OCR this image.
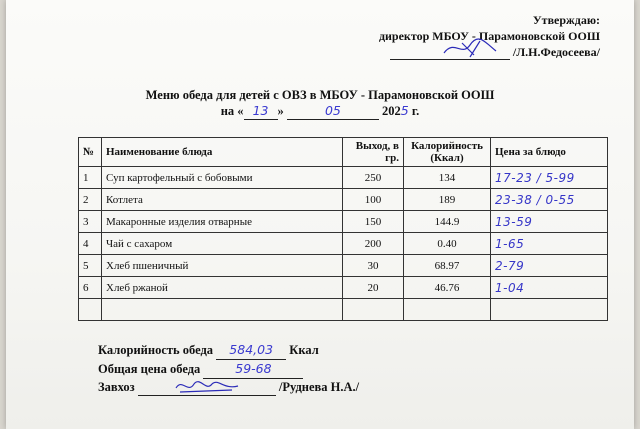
Утверждаю:
директор МБОУ - Парамоновской ООШ
/Л.Н.Федосеева/
Меню обеда для детей с ОВЗ в МБОУ - Парамоновской ООШ
на « 13 »	05	2025 г.
№	Наименование блюда	Выход, в гр.	Калорийность (Ккал)	Цена за блюдо
1	Суп картофельный с бобовыми	250	134	17-23 / 5-99
2	Котлета	100	189	23-38 / 0-55
3	Макаронные изделия отварные	150	144.9	13-59
4	Чай с сахаром	200	0.40	1-65
5	Хлеб пшеничный	30	68.97	2-79
6	Хлеб ржаной	20	46.76	1-04

Калорийность обеда 584,03 Ккал
Общая цена обеда	59-68
Завхоз	/Руднева Н.А./
